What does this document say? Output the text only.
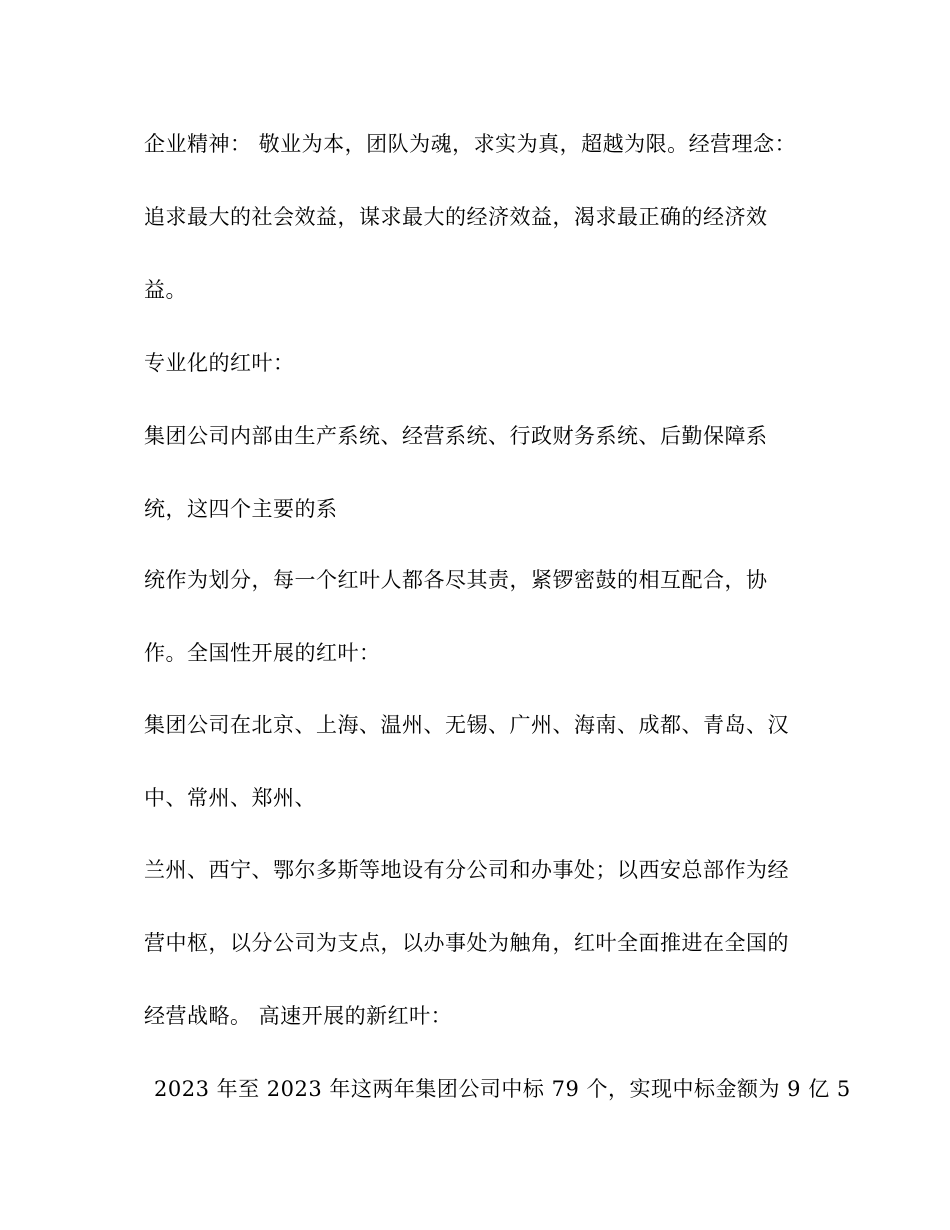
企业精神： 敬业为本，团队为魂，求实为真，超越为限。经营理念：
追求最大的社会效益，谋求最大的经济效益，渴求最正确的经济效
益。
专业化的红叶：
集团公司内部由生产系统、经营系统、行政财务系统、后勤保障系
统，这四个主要的系
统作为划分，每一个红叶人都各尽其责，紧锣密鼓的相互配合，协
作。全国性开展的红叶：
集团公司在北京、上海、温州、无锡、广州、海南、成都、青岛、汉
中、常州、郑州、
兰州、西宁、鄂尔多斯等地设有分公司和办事处；以西安总部作为经
营中枢，以分公司为支点，以办事处为触角，红叶全面推进在全国的
经营战略。 高速开展的新红叶：
2023 年至 2023 年这两年集团公司中标 79 个，实现中标金额为 9 亿 5
